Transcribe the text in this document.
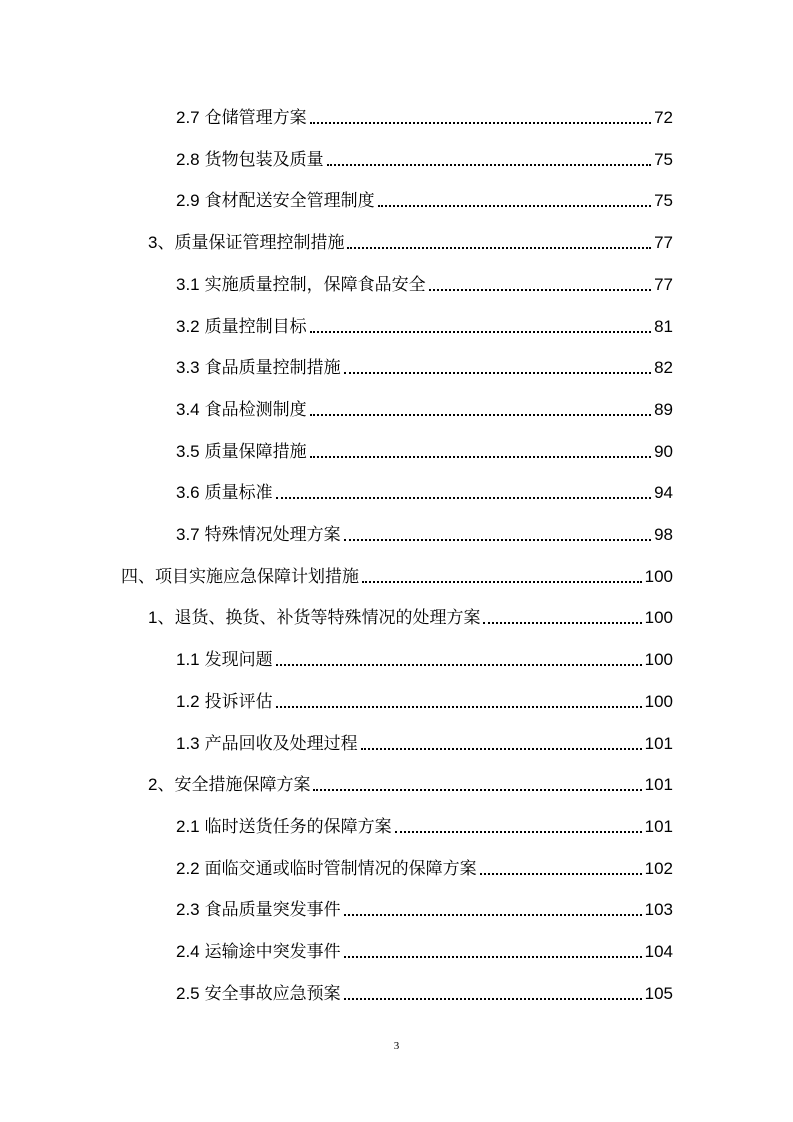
2.7 仓储管理方案	72
2.8 货物包装及质量	75
2.9 食材配送安全管理制度	75
3、 质量保证管理控制措施	77
3.1 实施质量控制，保障食品安全	77
3.2 质量控制目标	81
3.3 食品质量控制措施	82
3.4 食品检测制度	89
3.5 质量保障措施	90
3.6 质量标准	94
3.7 特殊情况处理方案	98
四、 项目实施应急保障计划措施	100
1、 退货、换货、补货等特殊情况的处理方案	100
1.1 发现问题	100
1.2 投诉评估	100
1.3 产品回收及处理过程	101
2、 安全措施保障方案	101
2.1 临时送货任务的保障方案	101
2.2 面临交通或临时管制情况的保障方案	102
2.3 食品质量突发事件	103
2.4 运输途中突发事件	104
2.5 安全事故应急预案	105
3
